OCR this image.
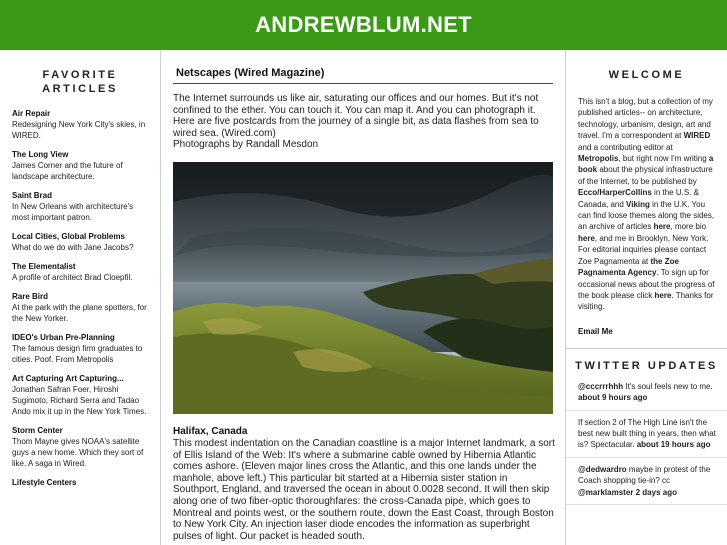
ANDREWBLUM.NET
FAVORITE ARTICLES
Air Repair
Redesigning New York City's skies, in WIRED.
The Long View
James Corner and the future of landscape architecture.
Saint Brad
In New Orleans with architecture's most important patron.
Local Cities, Global Problems
What do we do with Jane Jacobs?
The Elementalist
A profile of architect Brad Cloepfil.
Rare Bird
At the park with the plane spotters, for the New Yorker.
IDEO's Urban Pre-Planning
The famous design firm graduates to cities. Poof. From Metropolis
Art Capturing Art Capturing...
Jonathan Safran Foer, Hiroshi Sugimoto, Richard Serra and Tadao Ando mix it up in the New York Times.
Storm Center
Thom Mayne gives NOAA's satellite guys a new home. Which they sort of like. A saga in Wired.
Lifestyle Centers
Netscapes (Wired Magazine)
The Internet surrounds us like air, saturating our offices and our homes. But it's not confined to the ether. You can touch it. You can map it. And you can photograph it. Here are five postcards from the journey of a single bit, as data flashes from sea to wired sea. (Wired.com)
Photographs by Randall Mesdon
Halifax, Canada
This modest indentation on the Canadian coastline is a major Internet landmark, a sort of Ellis Island of the Web: It's where a submarine cable owned by Hibernia Atlantic comes ashore. (Eleven major lines cross the Atlantic, and this one lands under the manhole, above left.) This particular bit started at a Hibernia sister station in Southport, England, and traversed the ocean in about 0.0028 second. It will then skip along one of two fiber-optic thoroughfares: the cross-Canada pipe, which goes to Montreal and points west, or the southern route, down the East Coast, through Boston to New York City. An injection laser diode encodes the information as superbright pulses of light. Our packet is headed south.
WELCOME
This isn't a blog, but a collection of my published articles-- on architecture, technology, urbanism, design, art and travel. I'm a correspondent at WIRED and a contributing editor at Metropolis, but right now I'm writing a book about the physical infrastructure of the Internet, to be published by Ecco/HarperCollins in the U.S. & Canada, and Viking in the U.K. You can find loose themes along the sides, an archive of articles here, more bio here, and me in Brooklyn, New York. For editorial inquiries please contact Zoe Pagnamenta at the Zoe Pagnamenta Agency. To sign up for occasional news about the progress of the book please click here. Thanks for visiting.
Email Me
TWITTER UPDATES
@cccrrrhhh It's soul feels new to me. about 9 hours ago
If section 2 of The High Line isn't the best new built thing in years, then what is? Spectacular. about 19 hours ago
@dedwardro maybe in protest of the Coach shopping tie-in? cc @marklamster 2 days ago
